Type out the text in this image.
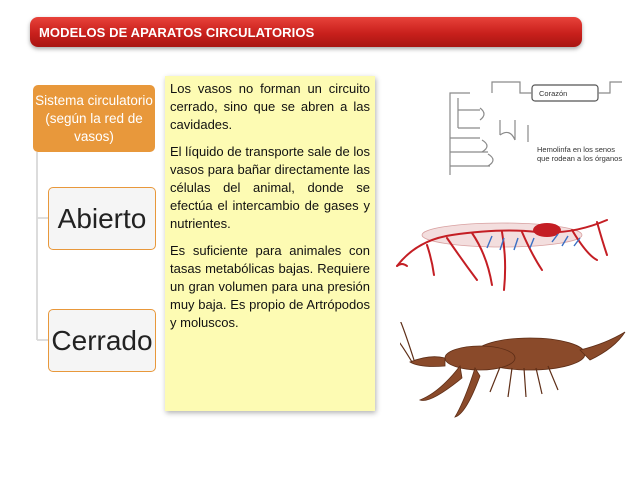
MODELOS DE APARATOS CIRCULATORIOS
Sistema circulatorio (según la red de vasos)
Abierto
Cerrado

Los vasos no forman un circuito cerrado, sino que se abren a las cavidades.

El líquido de transporte sale de los vasos para bañar directamente las células del animal, donde se efectúa el intercambio de gases y nutrientes.

Es suficiente para animales con tasas metabólicas bajas. Requiere un gran volumen para una presión muy baja. Es propio de Artrópodos y moluscos.

Corazón
Hemolinfa en los senos
que rodean a los órganos
